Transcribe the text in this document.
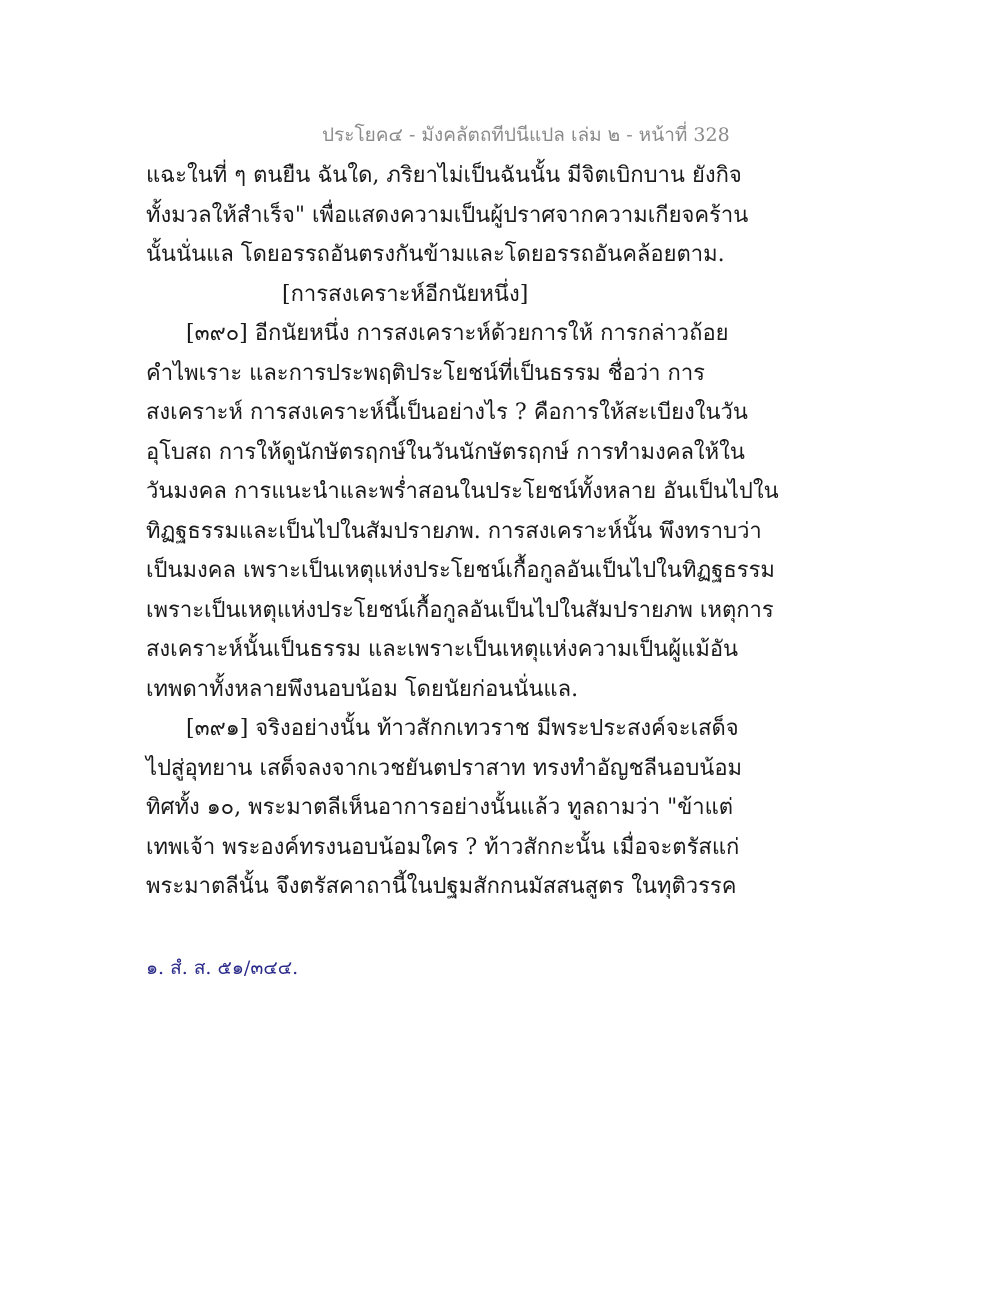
ประโยค๔ - มังคลัตถทีปนีแปล เล่ม ๒ - หน้าที่ 328
แฉะในที่ ๆ ตนยืน ฉันใด, ภริยาไม่เป็นฉันนั้น มีจิตเบิกบาน ยังกิจ
ทั้งมวลให้สำเร็จ" เพื่อแสดงความเป็นผู้ปราศจากความเกียจคร้าน
นั้นนั่นแล โดยอรรถอันตรงกันข้ามและโดยอรรถอันคล้อยตาม.
[การสงเคราะห์อีกนัยหนึ่ง]
[๓๙๐] อีกนัยหนึ่ง การสงเคราะห์ด้วยการให้ การกล่าวถ้อย
คำไพเราะ และการประพฤติประโยชน์ที่เป็นธรรม ชื่อว่า การ
สงเคราะห์ การสงเคราะห์นี้เป็นอย่างไร ? คือการให้สะเบียงในวัน
อุโบสถ การให้ดูนักษัตรฤกษ์ในวันนักษัตรฤกษ์ การทำมงคลให้ใน
วันมงคล การแนะนำและพร่ำสอนในประโยชน์ทั้งหลาย อันเป็นไปใน
ทิฏฐธรรมและเป็นไปในสัมปรายภพ. การสงเคราะห์นั้น พึงทราบว่า
เป็นมงคล เพราะเป็นเหตุแห่งประโยชน์เกื้อกูลอันเป็นไปในทิฏฐธรรม
เพราะเป็นเหตุแห่งประโยชน์เกื้อกูลอันเป็นไปในสัมปรายภพ เหตุการ
สงเคราะห์นั้นเป็นธรรม และเพราะเป็นเหตุแห่งความเป็นผู้แม้อัน
เทพดาทั้งหลายพึงนอบน้อม โดยนัยก่อนนั่นแล.
[๓๙๑] จริงอย่างนั้น ท้าวสักกเทวราช มีพระประสงค์จะเสด็จ
ไปสู่อุทยาน เสด็จลงจากเวชยันตปราสาท ทรงทำอัญชลีนอบน้อม
ทิศทั้ง ๑๐, พระมาตลีเห็นอาการอย่างนั้นแล้ว ทูลถามว่า "ข้าแต่
เทพเจ้า พระองค์ทรงนอบน้อมใคร ? ท้าวสักกะนั้น เมื่อจะตรัสแก่
พระมาตลีนั้น จึงตรัสคาถานี้ในปฐมสักกนมัสสนสูตร ในทุติวรรค
๑. สํ. ส. ๕๑/๓๔๔.
